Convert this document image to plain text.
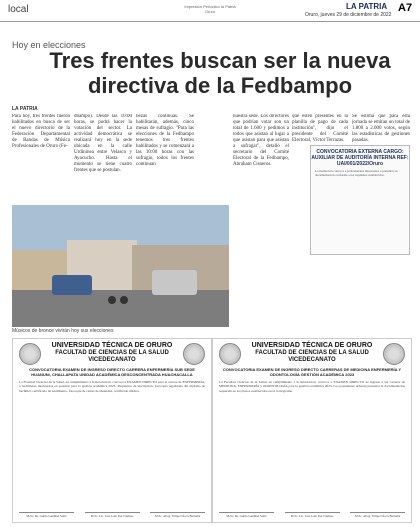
local	Impresión Periódico la Patria Oruro
LA PATRIA A7
Oruro, jueves 29 de diciembre de 2022
Hoy en elecciones
Tres frentes buscan ser la nueva directiva de la Fedbampo
LA PATRIA
Para hoy, tres frentes fueron habilitados en busca de ser el nuevo directorio de la Federación Departamental de Bandas de Música Profesionales de Oruro (Fe-
dbampo). Desde las 10:00 horas, se podrá hacer la votación del sector. La actividad democrática se realizará hoy en la sede ubicada en la calle Urdininea entre Velasco y Ayacucho. Hasta el momento se tiene cuatro frentes que se postulan.
bezas continuas. Se habilitarán, además, cinco mesas de sufragio. "Para las elecciones de la Fedbampo tenemos tres frentes habilitados y se comenzará a las 10:00 horas con las sufragio, todos los frentes continuan
nuestra sede. Los directores que podrían votar son un total de 1.600 y pedimos a todos que asistan al lugar a que asistan para que asistan a sufragar", detalló el secretario del Comité Electoral de la Fedbampo, Abraham Cisneros.
que estén presentes en la planilla de pago de cada institución", dijo el presidente del Comité Electoral, Víctor Terrazas.
Se estima que para esta jornada se emitan un total de 1.800 a 2.000 votos, según las estadísticas de gestiones pasadas.
Músicos de bronce vivirán hoy sus elecciones
CONVOCATORIA EXTERNA CARGO: AUXILIAR DE AUDITORÍA INTERNA REF: UAI/001/2022/Oruro
La institución convoca a profesionales interesados a presentar su documentación conforme a los requisitos establecidos.
UNIVERSIDAD TÉCNICA DE ORURO
FACULTAD DE CIENCIAS DE LA SALUD
VICEDECANATO
CONVOCATORIA EXAMEN DE INGRESO DIRECTO CARRERA ENFERMERÍA SUB SEDE HUANUNI, CHALLAPATA UNIDAD ACADÉMICA DESCONCENTRADA HUACHACALLA
La Facultad Ciencias de la Salud, en cumplimiento a la Resolución, convoca a EXAMEN DIRECTO para la carrera de ENFERMERÍA, a bachilleres interesados en postular para la gestión académica 2023. Requisitos de inscripción: fotocopia legalizada del diploma de bachiller, certificado de nacimiento, fotocopia de carnet de identidad, certificado médico.
M.Sc. Dr. Guido Guzman Soliz	M.Sc. Lic. Jose Luis Paz Campos	M.Sc. Abog. Felipe Choca Bernabé
UNIVERSIDAD TÉCNICA DE ORURO
FACULTAD DE CIENCIAS DE LA SALUD
VICEDECANATO
CONVOCATORIA EXAMEN DE INGRESO DIRECTO CARRERAS DE MEDICINA ENFERMERÍA Y ODONTOLOGÍA GESTIÓN ACADÉMICA 2023
La Facultad Ciencias de la Salud, en cumplimiento a la Resolución, convoca a EXAMEN DIRECTO de ingreso a las carreras de MEDICINA, ENFERMERÍA y ODONTOLOGÍA para la gestión académica 2023. Los postulantes deberán presentar la documentación requerida en los plazos establecidos en el cronograma.
M.Sc. Dr. Guido Guzman Soliz	M.Sc. Lic. Jose Luis Paz Campos	M.Sc. Abog. Felipe Choca Bernabé
